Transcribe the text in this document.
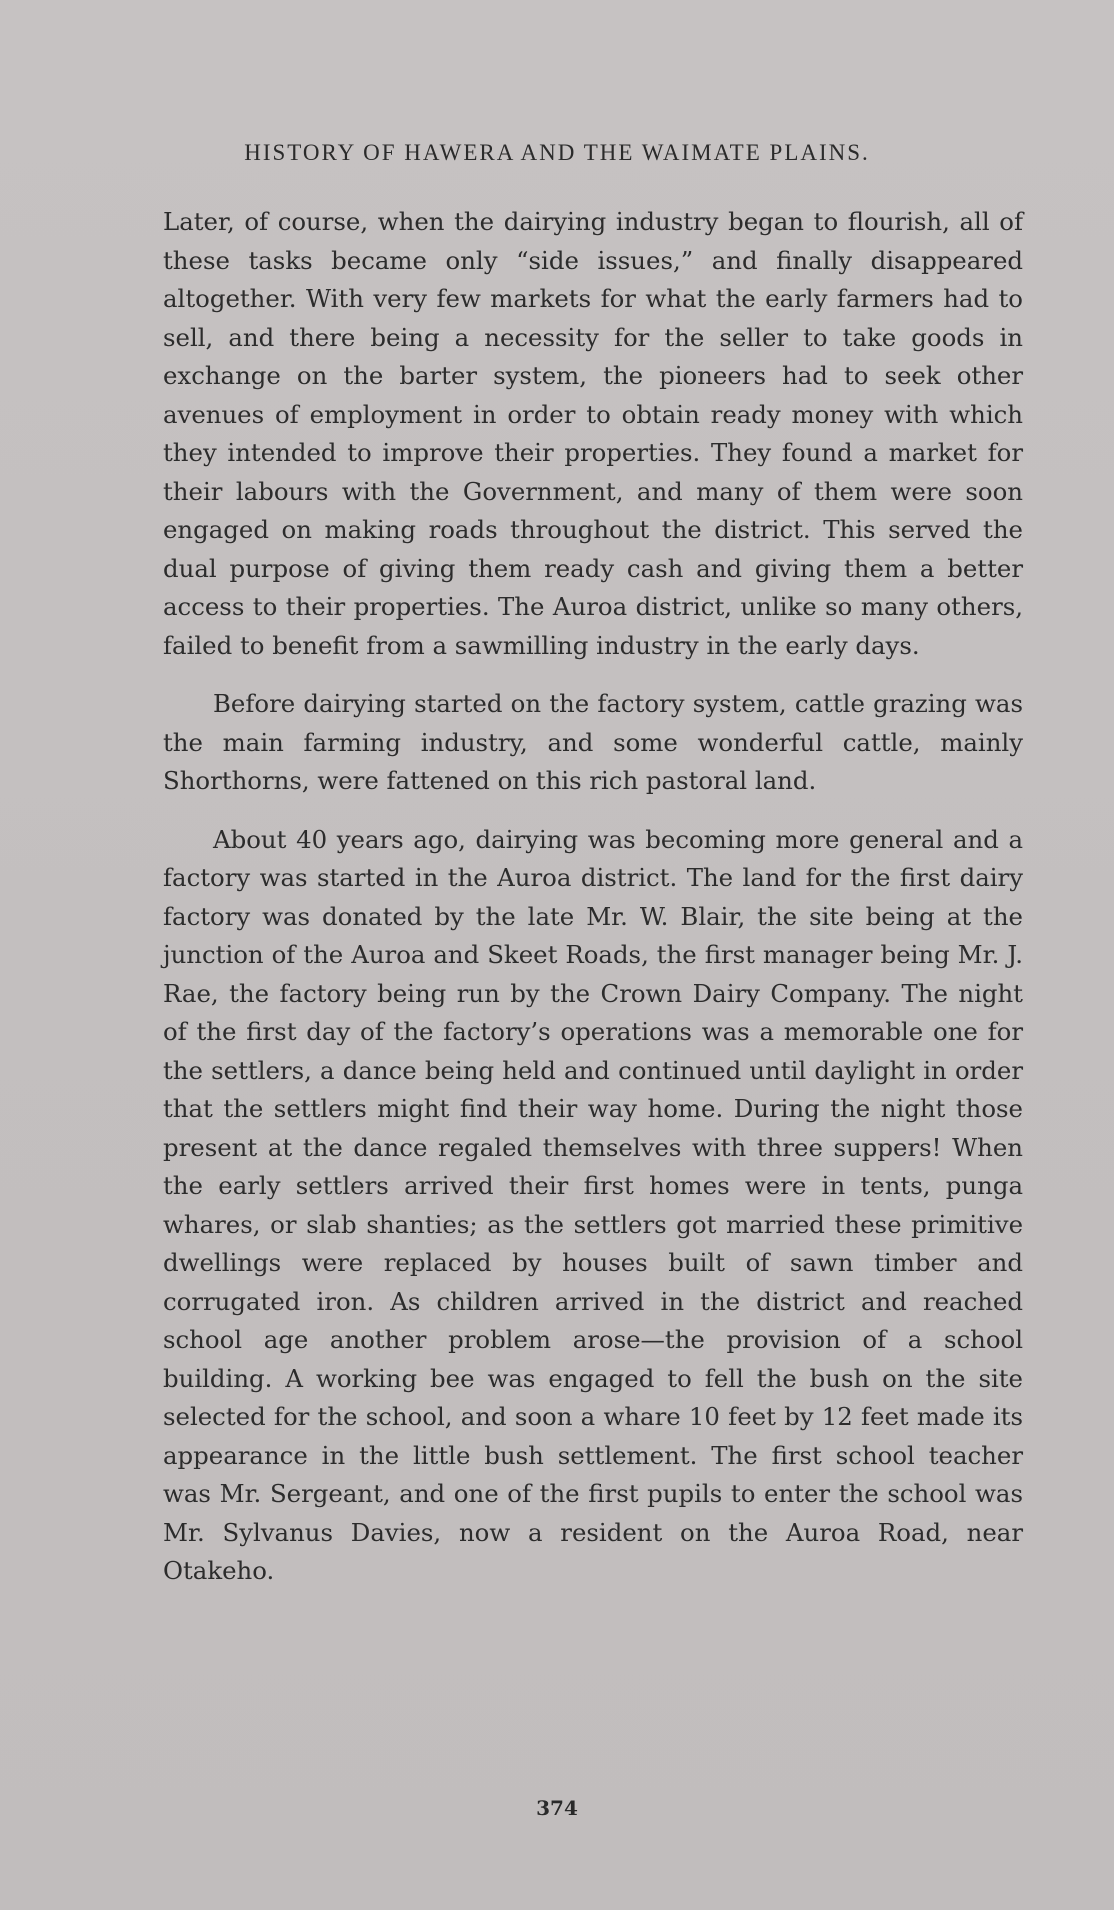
HISTORY OF HAWERA AND THE WAIMATE PLAINS.

Later, of course, when the dairying industry began to flourish, all of these tasks became only “side issues,” and finally disappeared altogether. With very few markets for what the early farmers had to sell, and there being a necessity for the seller to take goods in exchange on the barter system, the pioneers had to seek other avenues of employment in order to obtain ready money with which they intended to improve their properties. They found a market for their labours with the Government, and many of them were soon engaged on making roads throughout the district. This served the dual purpose of giving them ready cash and giving them a better access to their properties. The Auroa district, unlike so many others, failed to benefit from a sawmilling industry in the early days.

Before dairying started on the factory system, cattle grazing was the main farming industry, and some wonderful cattle, mainly Shorthorns, were fattened on this rich pastoral land.

About 40 years ago, dairying was becoming more general and a factory was started in the Auroa district. The land for the first dairy factory was donated by the late Mr. W. Blair, the site being at the junction of the Auroa and Skeet Roads, the first manager being Mr. J. Rae, the factory being run by the Crown Dairy Company. The night of the first day of the factory’s operations was a memorable one for the settlers, a dance being held and continued until daylight in order that the settlers might find their way home. During the night those present at the dance regaled themselves with three suppers! When the early settlers arrived their first homes were in tents, punga whares, or slab shanties; as the settlers got married these primitive dwellings were replaced by houses built of sawn timber and corrugated iron. As children arrived in the district and reached school age another problem arose—the provision of a school building. A working bee was engaged to fell the bush on the site selected for the school, and soon a whare 10 feet by 12 feet made its appearance in the little bush settlement. The first school teacher was Mr. Sergeant, and one of the first pupils to enter the school was Mr. Sylvanus Davies, now a resident on the Auroa Road, near Otakeho.

374
